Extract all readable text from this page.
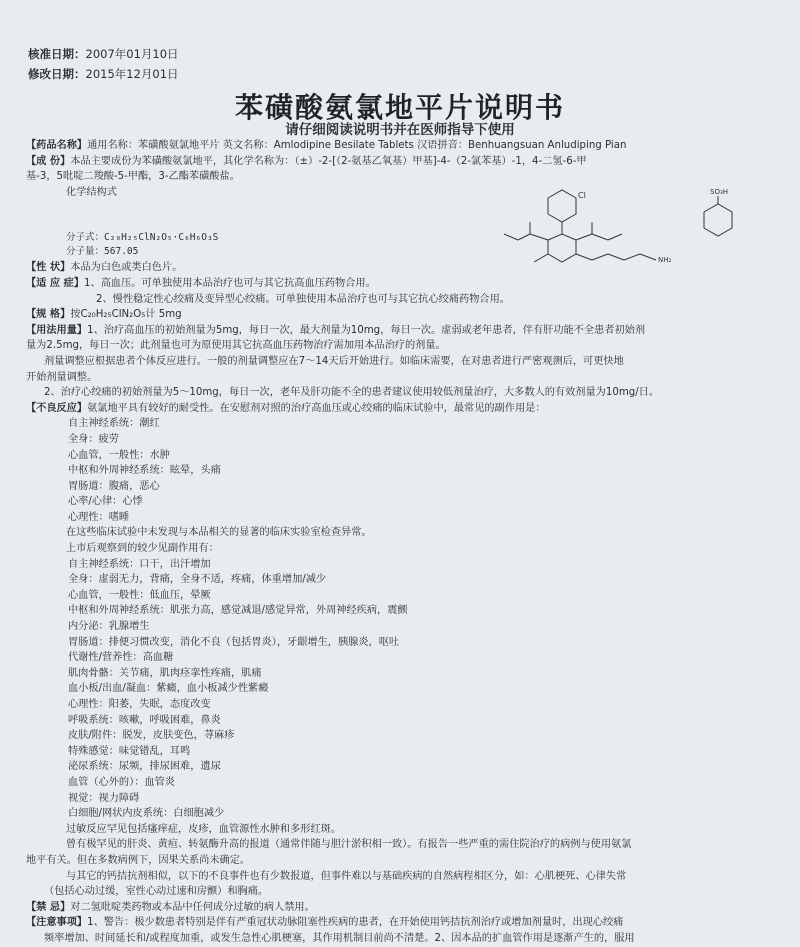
核准日期：2007年01月10日
修改日期：2015年12月01日
苯磺酸氨氯地平片说明书
请仔细阅读说明书并在医师指导下使用
Cl	SO₃H
NH₂
【药品名称】通用名称：苯磺酸氨氯地平片 英文名称：Amlodipine Besilate Tablets 汉语拼音：Benhuangsuan Anludiping Pian
【成 份】本品主要成份为苯磺酸氨氯地平，其化学名称为：（±）-2-[（2-氨基乙氧基）甲基]-4-（2-氯苯基）-1，4-二氢-6-甲
基-3，5吡啶二羧酸-5-甲酯，3-乙酯苯磺酸盐。
化学结构式
分子式：C₂₀H₂₅ClN₂O₅·C₆H₆O₃S
分子量：567.05
【性 状】本品为白色或类白色片。
【适 应 症】1、高血压。可单独使用本品治疗也可与其它抗高血压药物合用。
2、慢性稳定性心绞痛及变异型心绞痛。可单独使用本品治疗也可与其它抗心绞痛药物合用。
【规 格】按C₂₀H₂₅ClN₂O₅计 5mg
【用法用量】1、治疗高血压的初始剂量为5mg，每日一次，最大剂量为10mg，每日一次。虚弱或老年患者，伴有肝功能不全患者初始剂
量为2.5mg，每日一次；此剂量也可为原使用其它抗高血压药物治疗需加用本品治疗的剂量。
剂量调整应根据患者个体反应进行。一般的剂量调整应在7～14天后开始进行。如临床需要，在对患者进行严密观测后，可更快地
开始剂量调整。
2、治疗心绞痛的初始剂量为5～10mg，每日一次，老年及肝功能不全的患者建议使用较低剂量治疗，大多数人的有效剂量为10mg/日。
【不良反应】氨氯地平具有较好的耐受性。在安慰剂对照的治疗高血压或心绞痛的临床试验中，最常见的副作用是：
自主神经系统：潮红
全身：疲劳
心血管，一般性：水肿
中枢和外周神经系统：眩晕，头痛
胃肠道：腹痛，恶心
心率/心律：心悸
心理性：嗜睡
在这些临床试验中未发现与本品相关的显著的临床实验室检查异常。
上市后观察到的较少见副作用有：
自主神经系统：口干，出汗增加
全身：虚弱无力，背痛，全身不适，疼痛，体重增加/减少
心血管，一般性：低血压，晕厥
中枢和外周神经系统：肌张力高，感觉减退/感觉异常，外周神经疾病，震颤
内分泌：乳腺增生
胃肠道：排便习惯改变，消化不良（包括胃炎），牙龈增生，胰腺炎，呕吐
代谢性/营养性：高血糖
肌肉骨骼：关节痛，肌肉痉挛性疼痛，肌痛
血小板/出血/凝血：紫癜，血小板减少性紫癜
心理性：阳萎，失眠，态度改变
呼吸系统：咳嗽，呼吸困难，鼻炎
皮肤/附件：脱发，皮肤变色，荨麻疹
特殊感觉：味觉错乱，耳鸣
泌尿系统：尿频，排尿困难，遗尿
血管（心外的）：血管炎
视觉：视力障碍
白细胞/网状内皮系统：白细胞减少
过敏反应罕见包括瘙痒症，皮疹，血管源性水肿和多形红斑。
曾有极罕见的肝炎、黄疸、转氨酶升高的报道（通常伴随与胆汁淤积相一致）。有报告一些严重的需住院治疗的病例与使用氨氯
地平有关。但在多数病例下，因果关系尚未确定。
与其它的钙拮抗剂相似，以下的不良事件也有少数报道，但事件难以与基础疾病的自然病程相区分，如：心肌梗死、心律失常
（包括心动过缓，室性心动过速和房颤）和胸痛。
【禁 忌】对二氢吡啶类药物或本品中任何成分过敏的病人禁用。
【注意事项】1、警告：极少数患者特别是伴有严重冠状动脉阻塞性疾病的患者，在开始使用钙拮抗剂治疗或增加剂量时，出现心绞痛
频率增加、时间延长和/或程度加重，或发生急性心肌梗塞，其作用机制目前尚不清楚。2、因本品的扩血管作用是逐渐产生的，服用
